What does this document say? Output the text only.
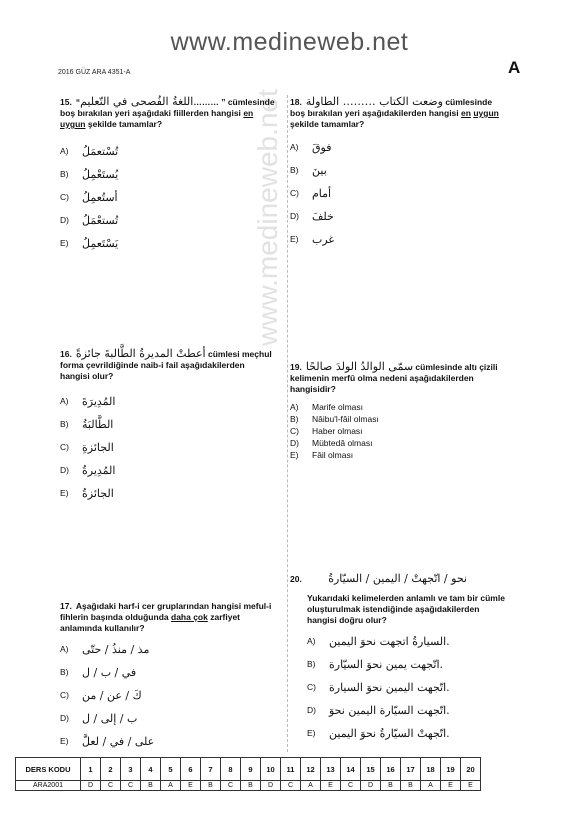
www.medineweb.net
2016 GÜZ ARA 4351-A	A
www.medineweb.net
15. “اللغةُ الفُصحى في التّعليم……… ” cümlesinde boş bırakılan yeri aşağıdaki fiillerden hangisi en uygun şekilde tamamlar?
A)	تُسْتعمَلُ
B)	يُستَعْمِلُ
C)	أستُعمِلُ
D)	تُستعْمَلُ
E)	يَسْتَعمِلُ
16. أعطتْ المديرةُ الطَّالبةَ جائزةً cümlesi meçhul forma çevrildiğinde naib-i fail aşağıdakilerden hangisi olur?
A)	المُدِيرَةَ
B)	الطَّالبَةُ
C)	الجائزةِ
D)	المُدِيرةُ
E)	الجائزةُ
17. Aşağıdaki harf-i cer gruplarından hangisi meful-i fihlerin başında olduğunda daha çok zarfiyet anlamında kullanılır?
A)	مذ / منذُ / حتّى
B)	في / ب / ل
C)	كَ / عن / من
D)	ب / إلى / ل
E)	على / في / لعلَّ
18. وضعت الكتاب ……… الطاولة cümlesinde boş bırakılan yeri aşağıdakilerden hangisi en uygun şekilde tamamlar?
A)	فوقَ
B)	بينَ
C)	أمام
D)	خلفَ
E)	غرب
19. سمّى الوالدُ الولدَ صالحًا cümlesinde altı çizili kelimenin merfû olma nedeni aşağıdakilerden hangisidir?
A)	Marife olması
B)	Nâibu'l-fâil olması
C)	Haber olması
D)	Mübtedâ olması
E)	Fâil olması
20. نحو / اتّجهتْ / اليمين / السيّارةُ
Yukarıdaki kelimelerden anlamlı ve tam bir cümle oluşturulmak istendiğinde aşağıdakilerden hangisi doğru olur?
A)	السيارةُ اتجهت نحوَ اليمين.
B)	اتّجهت يمين نحوَ السيّارة.
C)	اتّجهت اليمين نحوَ السيارة.
D)	اتّجهت السيّارة اليمين نحوَ.
E)	اتّجهتْ السيّارةُ نحوَ اليمين.
DERS KODU	1	2	3	4	5	6	7	8	9	10	11	12	13	14	15	16	17	18	19	20
ARA2001	D	C	C	B	A	E	B	C	B	D	C	A	E	C	D	B	B	A	E	E
